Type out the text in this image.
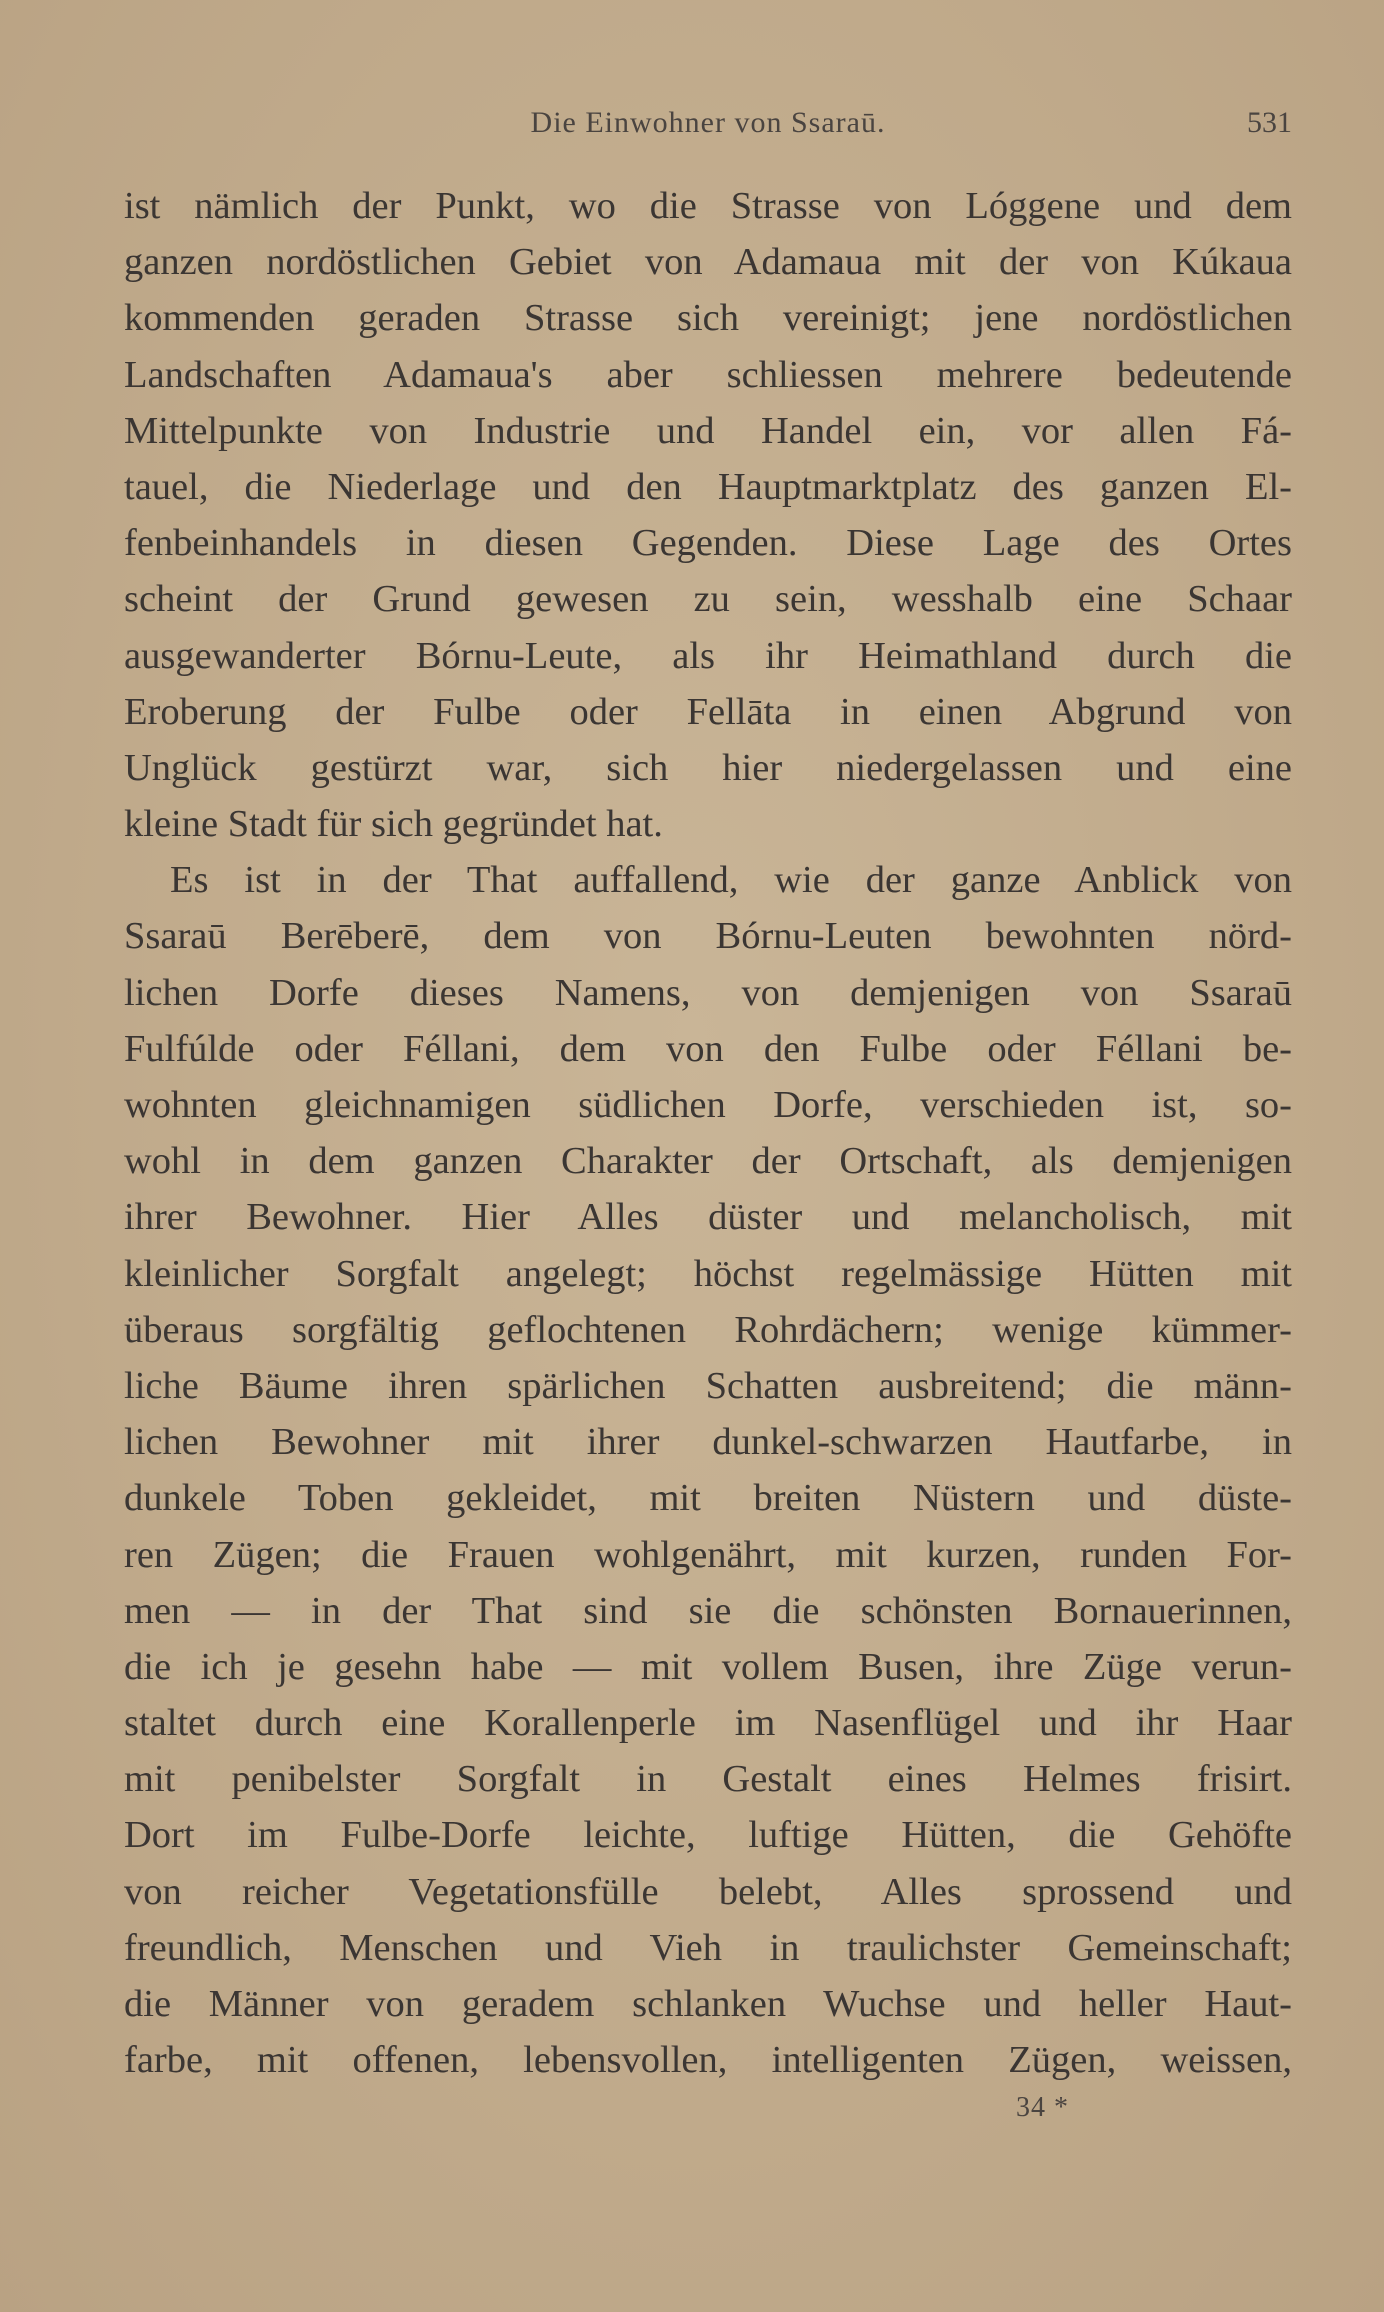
Die Einwohner von Ssaraū.	531
ist nämlich der Punkt, wo die Strasse von Lóggene und dem
ganzen nordöstlichen Gebiet von Adamaua mit der von Kúkaua
kommenden geraden Strasse sich vereinigt; jene nordöstlichen
Landschaften Adamaua's aber schliessen mehrere bedeutende
Mittelpunkte von Industrie und Handel ein, vor allen Fá-
tauel, die Niederlage und den Hauptmarktplatz des ganzen El-
fenbeinhandels in diesen Gegenden. Diese Lage des Ortes
scheint der Grund gewesen zu sein, wesshalb eine Schaar
ausgewanderter Bórnu-Leute, als ihr Heimathland durch die
Eroberung der Fulbe oder Fellāta in einen Abgrund von
Unglück gestürzt war, sich hier niedergelassen und eine
kleine Stadt für sich gegründet hat.
Es ist in der That auffallend, wie der ganze Anblick von
Ssaraū Berēberē, dem von Bórnu-Leuten bewohnten nörd-
lichen Dorfe dieses Namens, von demjenigen von Ssaraū
Fulfúlde oder Féllani, dem von den Fulbe oder Féllani be-
wohnten gleichnamigen südlichen Dorfe, verschieden ist, so-
wohl in dem ganzen Charakter der Ortschaft, als demjenigen
ihrer Bewohner. Hier Alles düster und melancholisch, mit
kleinlicher Sorgfalt angelegt; höchst regelmässige Hütten mit
überaus sorgfältig geflochtenen Rohrdächern; wenige kümmer-
liche Bäume ihren spärlichen Schatten ausbreitend; die männ-
lichen Bewohner mit ihrer dunkel-schwarzen Hautfarbe, in
dunkele Toben gekleidet, mit breiten Nüstern und düste-
ren Zügen; die Frauen wohlgenährt, mit kurzen, runden For-
men — in der That sind sie die schönsten Bornauerinnen,
die ich je gesehn habe — mit vollem Busen, ihre Züge verun-
staltet durch eine Korallenperle im Nasenflügel und ihr Haar
mit penibelster Sorgfalt in Gestalt eines Helmes frisirt.
Dort im Fulbe-Dorfe leichte, luftige Hütten, die Gehöfte
von reicher Vegetationsfülle belebt, Alles sprossend und
freundlich, Menschen und Vieh in traulichster Gemeinschaft;
die Männer von geradem schlanken Wuchse und heller Haut-
farbe, mit offenen, lebensvollen, intelligenten Zügen, weissen,
34 *
